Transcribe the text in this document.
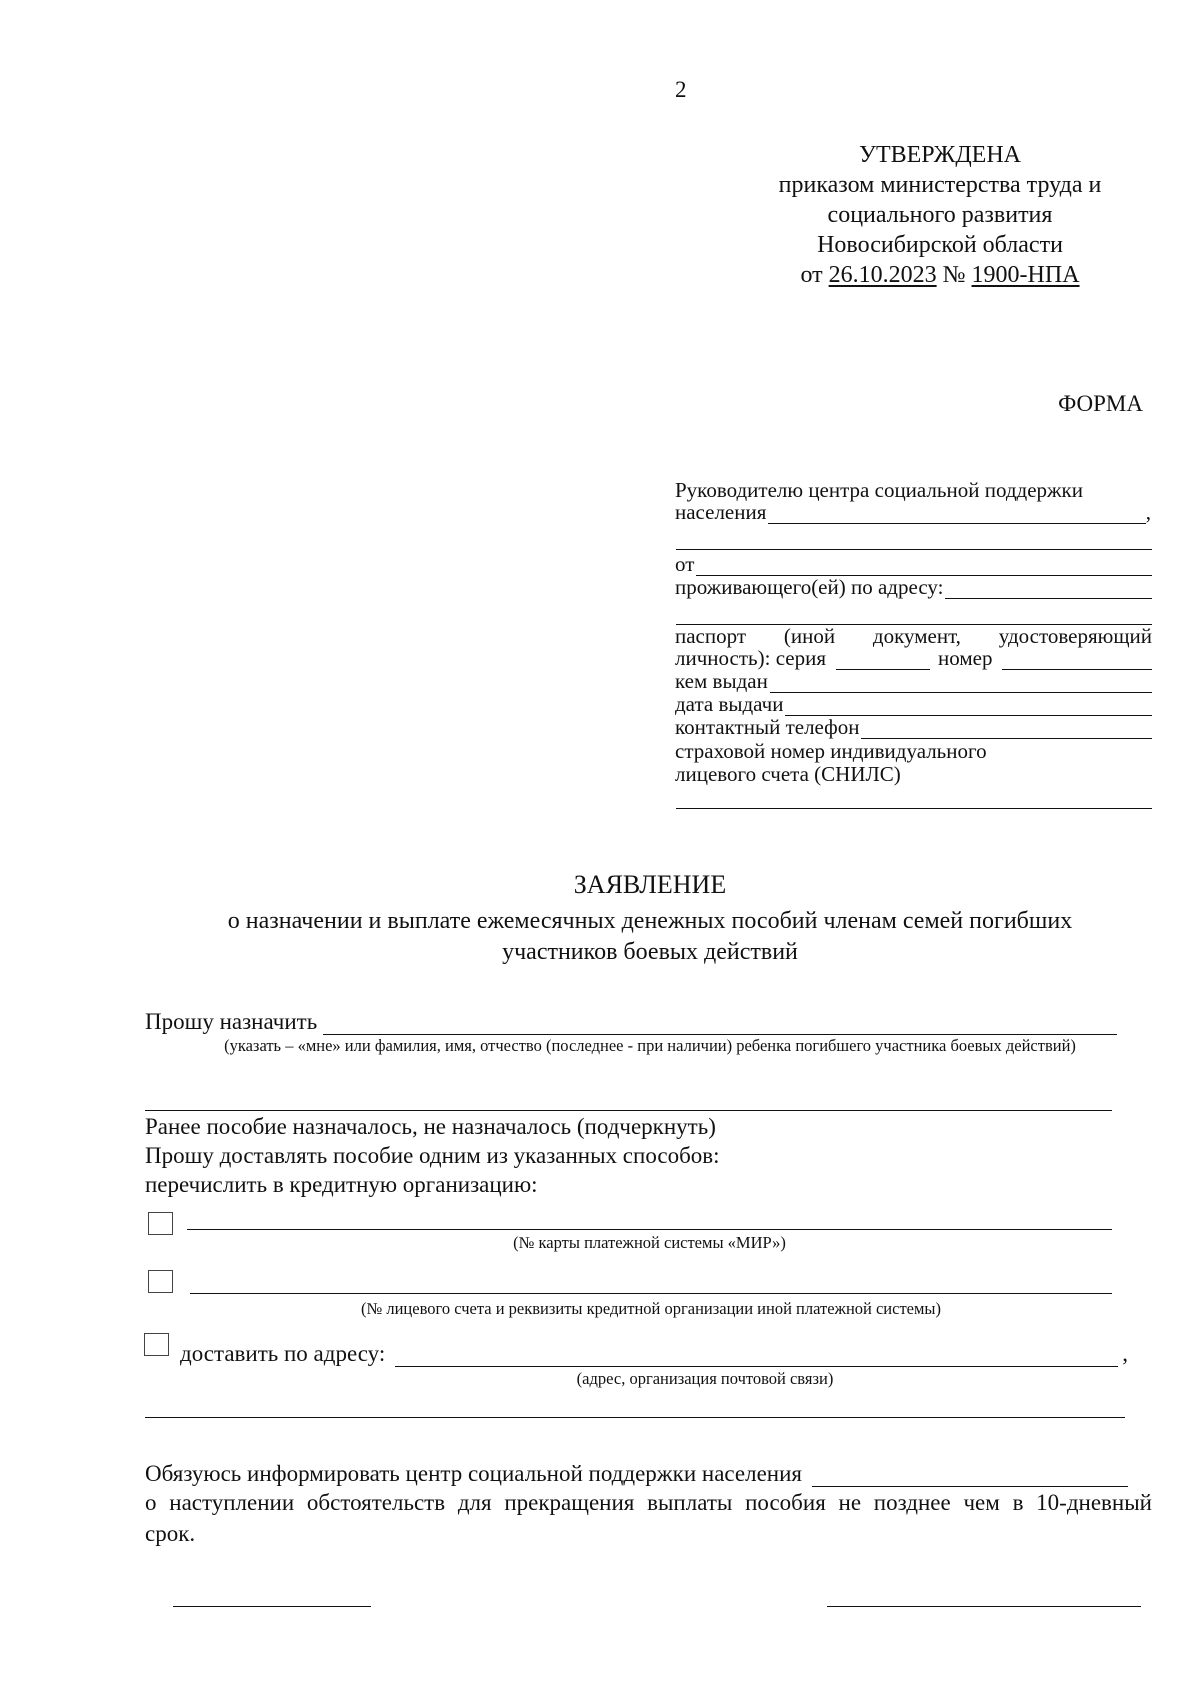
2
УТВЕРЖДЕНА
приказом министерства труда и
социального развития
Новосибирской области
от 26.10.2023 № 1900-НПА
ФОРМА
Руководителю центра социальной поддержки
населения	,
от
проживающего(ей) по адресу:
паспорт (иной документ, удостоверяющий
личность): серия	номер
кем выдан
дата выдачи
контактный телефон
страховой номер индивидуального
лицевого счета (СНИЛС)
ЗАЯВЛЕНИЕ
о назначении и выплате ежемесячных денежных пособий членам семей погибших
участников боевых действий
Прошу назначить
(указать – «мне» или фамилия, имя, отчество (последнее - при наличии) ребенка погибшего участника боевых действий)
Ранее пособие назначалось, не назначалось (подчеркнуть)
Прошу доставлять пособие одним из указанных способов:
перечислить в кредитную организацию:
(№ карты платежной системы «МИР»)
(№ лицевого счета и реквизиты кредитной организации иной платежной системы)
доставить по адресу:	,
(адрес, организация почтовой связи)
Обязуюсь информировать центр социальной поддержки населения
о наступлении обстоятельств для прекращения выплаты пособия не позднее чем в 10-дневный
срок.
